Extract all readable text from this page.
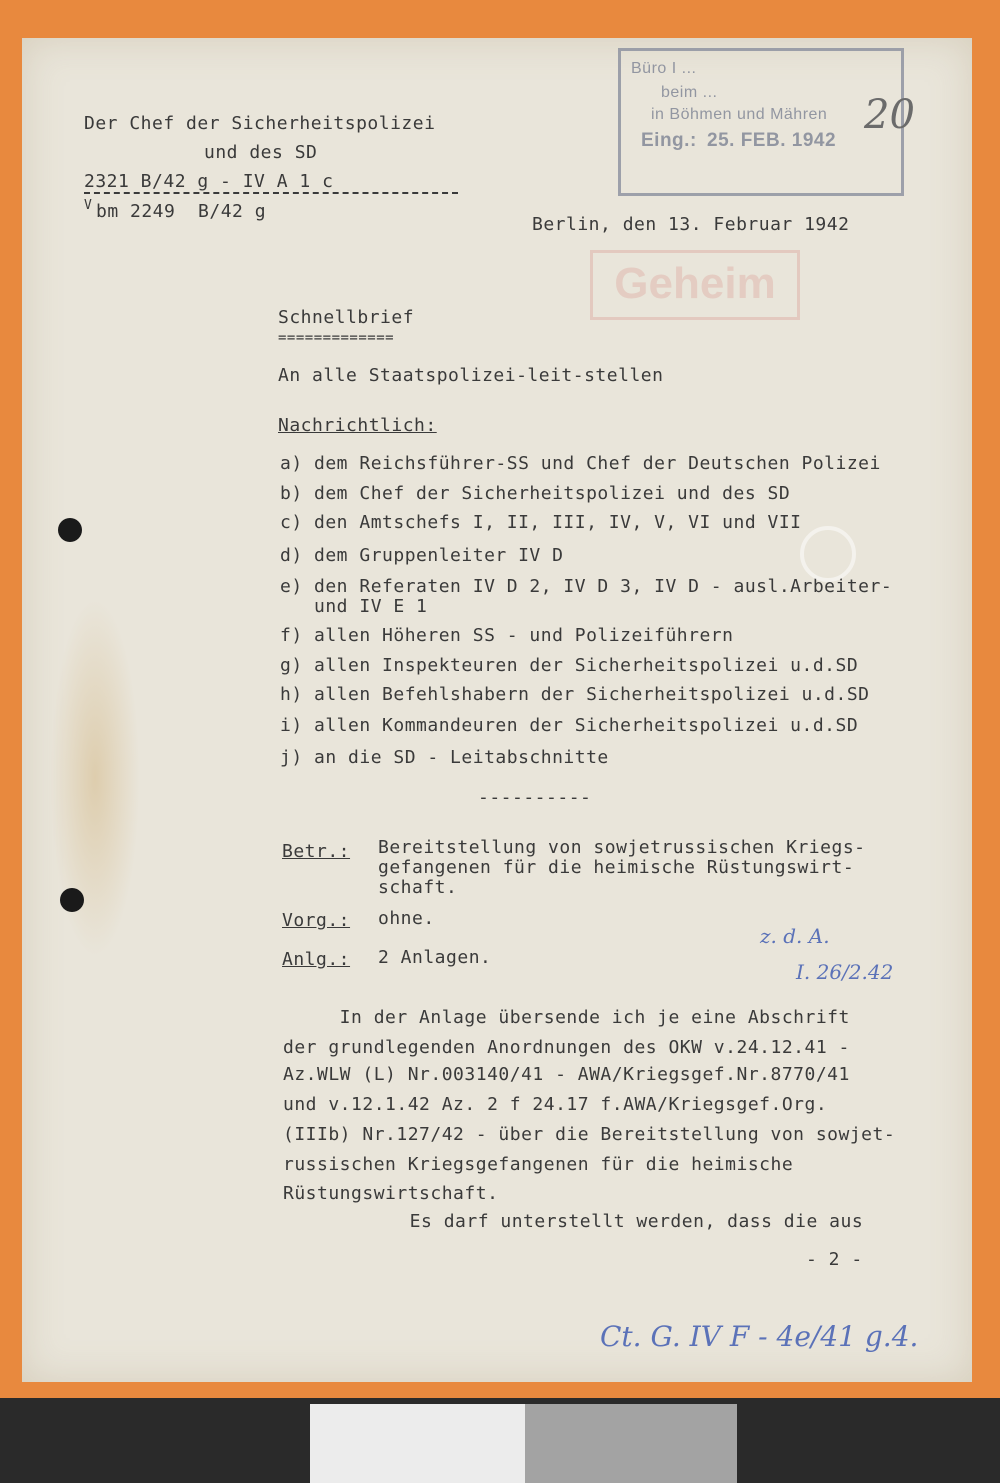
Der Chef der Sicherheitspolizei
und des SD
2321 B/42 g - IV A 1 c
V bm 2249  B/42 g
Berlin, den 13. Februar 1942
Büro I ...
beim ...
in Böhmen und Mähren
Eing.: 25. FEB. 1942
20
Geheim
Schnellbrief
=============
An alle Staatspolizei-leit-stellen
Nachrichtlich:
a) dem Reichsführer-SS und Chef der Deutschen Polizei
b) dem Chef der Sicherheitspolizei und des SD
c) den Amtschefs I, II, III, IV, V, VI und VII
d) dem Gruppenleiter IV D
e) den Referaten IV D 2, IV D 3, IV D - ausl.Arbeiter-
und IV E 1
f) allen Höheren SS - und Polizeiführern
g) allen Inspekteuren der Sicherheitspolizei u.d.SD
h) allen Befehlshabern der Sicherheitspolizei u.d.SD
i) allen Kommandeuren der Sicherheitspolizei u.d.SD
j) an die SD - Leitabschnitte
----------
Betr.: Bereitstellung von sowjetrussischen Kriegs-
gefangenen für die heimische Rüstungswirt-
schaft.
Vorg.: ohne.
Anlg.: 2 Anlagen.
z. d. A.
I. 26/2.42
In der Anlage übersende ich je eine Abschrift
der grundlegenden Anordnungen des OKW v.24.12.41 -
Az.WLW (L) Nr.003140/41 - AWA/Kriegsgef.Nr.8770/41
und v.12.1.42 Az. 2 f 24.17 f.AWA/Kriegsgef.Org.
(IIIb) Nr.127/42 - über die Bereitstellung von sowjet-
russischen Kriegsgefangenen für die heimische
Rüstungswirtschaft.
Es darf unterstellt werden, dass die aus
- 2 -
Ct. G. IV F - 4e/41 g.4.
